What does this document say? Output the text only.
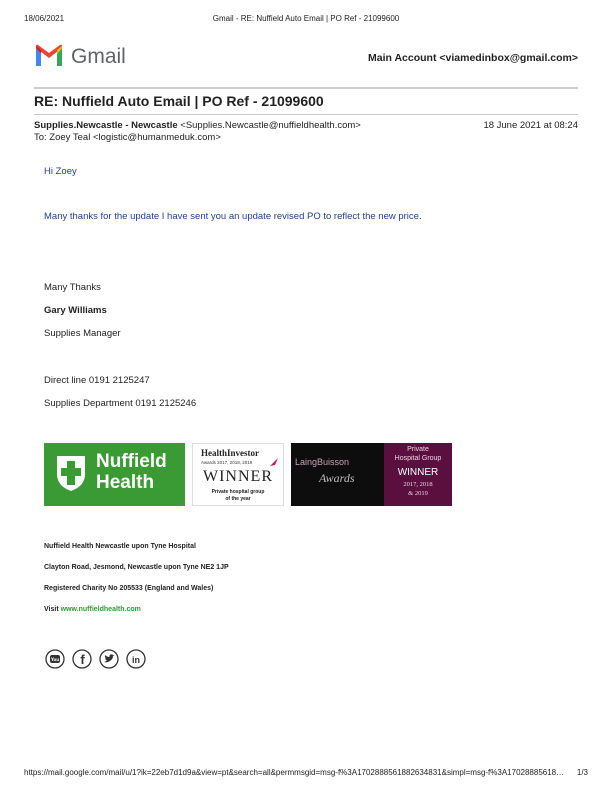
18/06/2021	Gmail - RE: Nuffield Auto Email | PO Ref - 21099600
Gmail	Main Account <viamedinbox@gmail.com>
RE: Nuffield Auto Email | PO Ref - 21099600
Supplies.Newcastle - Newcastle <Supplies.Newcastle@nuffieldhealth.com>	18 June 2021 at 08:24
To: Zoey Teal <logistic@humanmeduk.com>
Hi Zoey
Many thanks for the update I have sent you an update revised PO to reflect the new price.
Many Thanks
Gary Williams
Supplies Manager
Direct line 0191 2125247
Supplies Department 0191 2125246
Nuffield
Health
HealthInvestor
Awards 2017, 2018, 2019
WINNER
Private hospital group
of the year
LaingBuisson
Awards
Private
Hospital Group
WINNER
2017, 2018
& 2019
Nuffield Health Newcastle upon Tyne Hospital
Clayton Road, Jesmond, Newcastle upon Tyne NE2 1JP
Registered Charity No 205533 (England and Wales)
Visit www.nuffieldhealth.com
You f	in
https://mail.google.com/mail/u/1?ik=22eb7d1d9a&view=pt&search=all&permmsgid=msg-f%3A1702888561882634831&simpl=msg-f%3A17028885618…	1/3
